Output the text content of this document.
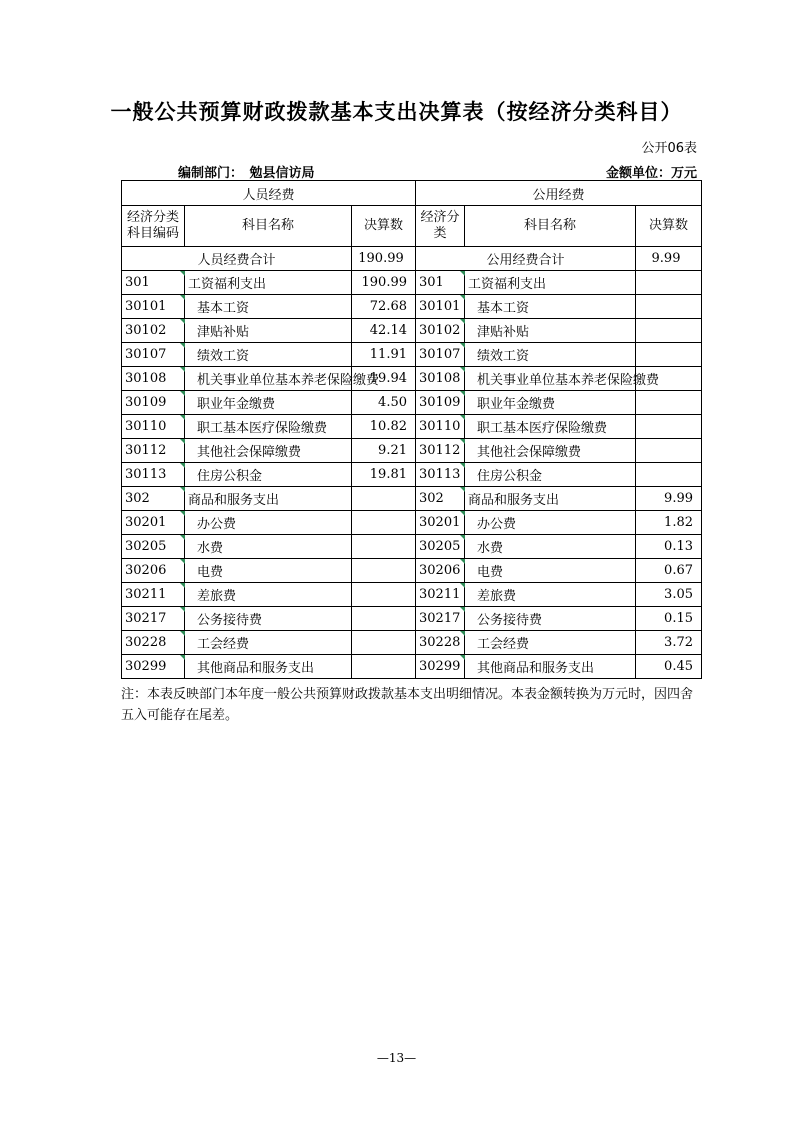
一般公共预算财政拨款基本支出决算表（按经济分类科目）
公开06表
编制部门：　勉县信访局	金额单位：万元
人员经费			公用经费		
经济分类科目编码	科目名称	决算数	经济分类	科目名称	决算数
人员经费合计		190.99	公用经费合计		9.99
301	工资福利支出	190.99	301	工资福利支出	
30101	基本工资	72.68	30101	基本工资	
30102	津贴补贴	42.14	30102	津贴补贴	
30107	绩效工资	11.91	30107	绩效工资	
30108	机关事业单位基本养老保险缴费	19.94	30108	机关事业单位基本养老保险缴费	
30109	职业年金缴费	4.50	30109	职业年金缴费	
30110	职工基本医疗保险缴费	10.82	30110	职工基本医疗保险缴费	
30112	其他社会保障缴费	9.21	30112	其他社会保障缴费	
30113	住房公积金	19.81	30113	住房公积金	
302	商品和服务支出		302	商品和服务支出	9.99
30201	办公费		30201	办公费	1.82
30205	水费		30205	水费	0.13
30206	电费		30206	电费	0.67
30211	差旅费		30211	差旅费	3.05
30217	公务接待费		30217	公务接待费	0.15
30228	工会经费		30228	工会经费	3.72
30299	其他商品和服务支出		30299	其他商品和服务支出	0.45
注：本表反映部门本年度一般公共预算财政拨款基本支出明细情况。本表金额转换为万元时，因四舍五入可能存在尾差。
—13—
